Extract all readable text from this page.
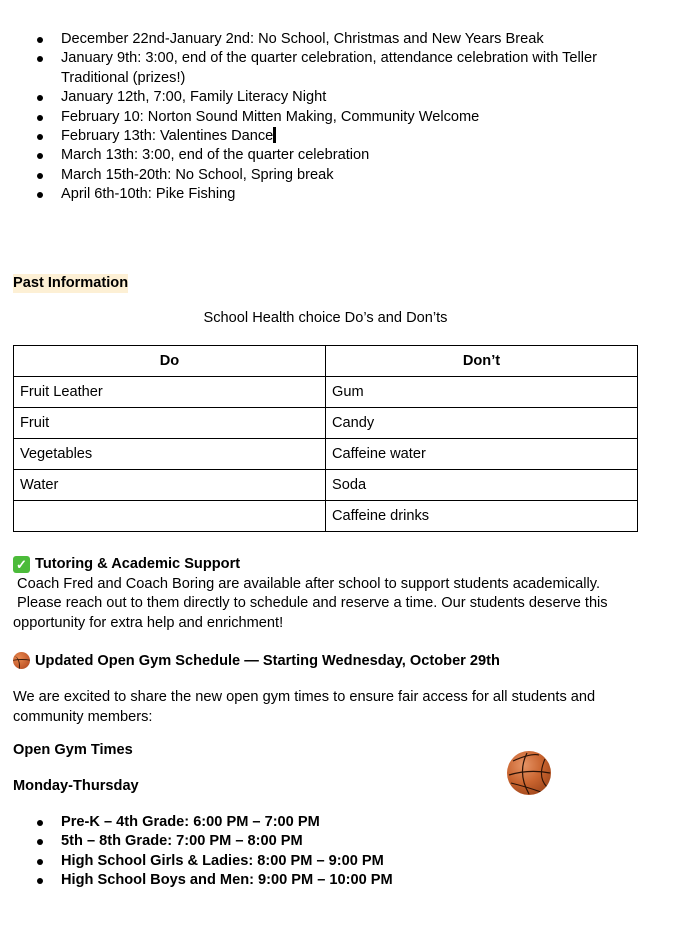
December 22nd-January 2nd: No School, Christmas and New Years Break
January 9th: 3:00, end of the quarter celebration, attendance celebration with Teller Traditional (prizes!)
January 12th, 7:00, Family Literacy Night
February 10: Norton Sound Mitten Making, Community Welcome
February 13th: Valentines Dance
March 13th: 3:00, end of the quarter celebration
March 15th-20th: No School, Spring break
April 6th-10th: Pike Fishing
Past Information
School Health choice Do’s and Don’ts
Do	Don’t
Fruit Leather	Gum
Fruit	Candy
Vegetables	Caffeine water
Water	Soda
	Caffeine drinks
✓ Tutoring & Academic Support
Coach Fred and Coach Boring are available after school to support students academically.
Please reach out to them directly to schedule and reserve a time. Our students deserve this
opportunity for extra help and enrichment!
Updated Open Gym Schedule — Starting Wednesday, October 29th
We are excited to share the new open gym times to ensure fair access for all students and
community members:
Open Gym Times
Monday-Thursday
Pre-K – 4th Grade: 6:00 PM – 7:00 PM
5th – 8th Grade: 7:00 PM – 8:00 PM
High School Girls & Ladies: 8:00 PM – 9:00 PM
High School Boys and Men: 9:00 PM – 10:00 PM
